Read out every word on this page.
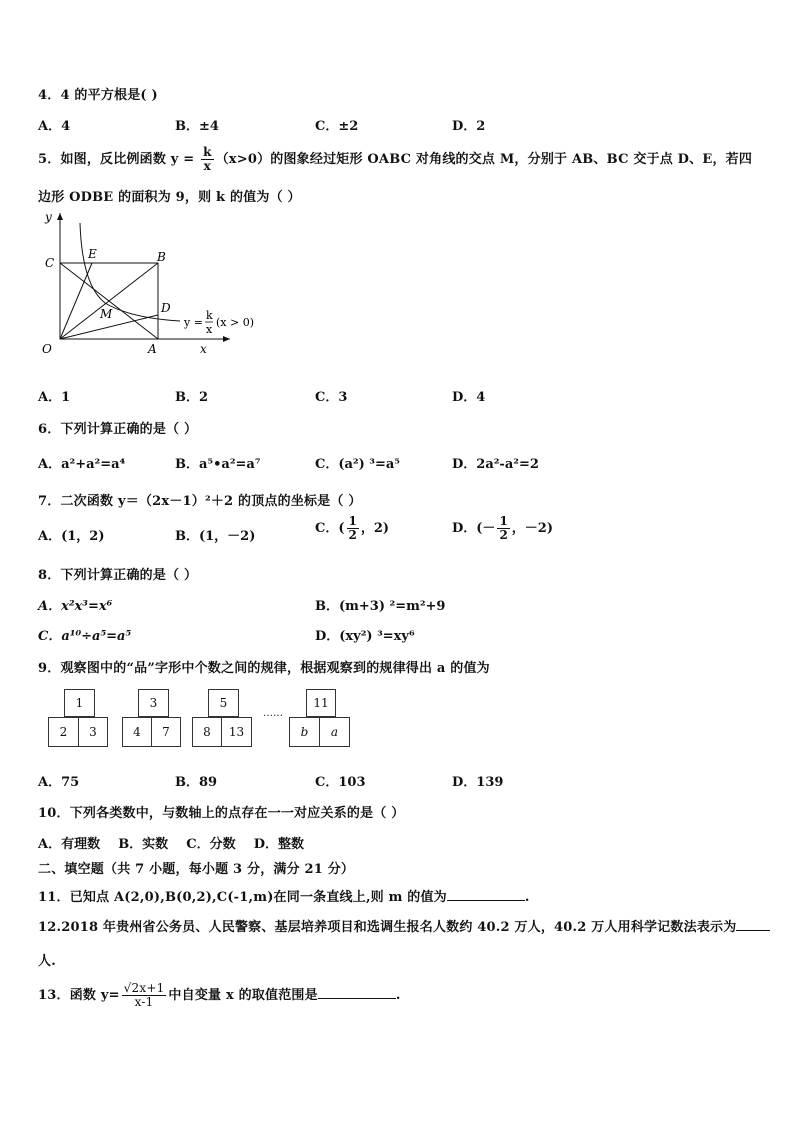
4．4 的平方根是( )
A．4	B．±4	C．±2	D．2
5．如图，反比例函数 $y = \frac{k}{x} (x>0)$的图象经过矩形 OABC 对角线的交点 M，分别于 AB、BC 交于点 D、E，若四
边形 ODBE 的面积为 9，则 k 的值为（ ）
y
x
C
E	B
D
M
O	A
y =
k
x
(x > 0)
A．1	B．2	C．3	D．4
6．下列计算正确的是（ ）
A．a²+a²=a⁴	B．a⁵•a²=a⁷	C．(a²) ³=a⁵	D．2a²-a²=2
7．二次函数 y＝（2x－1）²＋2 的顶点的坐标是（ ）
A．(1，2)	B．(1，－2)
C．( $\frac{1}{2}$ ，2)	D．(－ $\frac{1}{2}$ ，－2)
8．下列计算正确的是（ ）
A．x²x³=x⁶	B．(m+3) ²=m²+9
C．a¹⁰÷a⁵=a⁵	D．(xy²) ³=xy⁶
9．观察图中的“品”字形中个数之间的规律，根据观察到的规律得出 a 的值为
1
2	3
3
4	7
5
8	13
……
11
b	a
A．75	B．89	C．103	D．139
10．下列各类数中，与数轴上的点存在一一对应关系的是（ ）
A．有理数    B．实数    C．分数    D．整数
二、填空题（共 7 小题，每小题 3 分，满分 21 分）
11．已知点 A(2,0),B(0,2),C(-1,m)在同一条直线上,则 m 的值为	.
12.2018 年贵州省公务员、人民警察、基层培养项目和选调生报名人数约 40.2 万人，40.2 万人用科学记数法表示为
人.
13．函数 $y= \frac{√2x+1}{x-1}$ 中自变量 x 的取值范围是	.
